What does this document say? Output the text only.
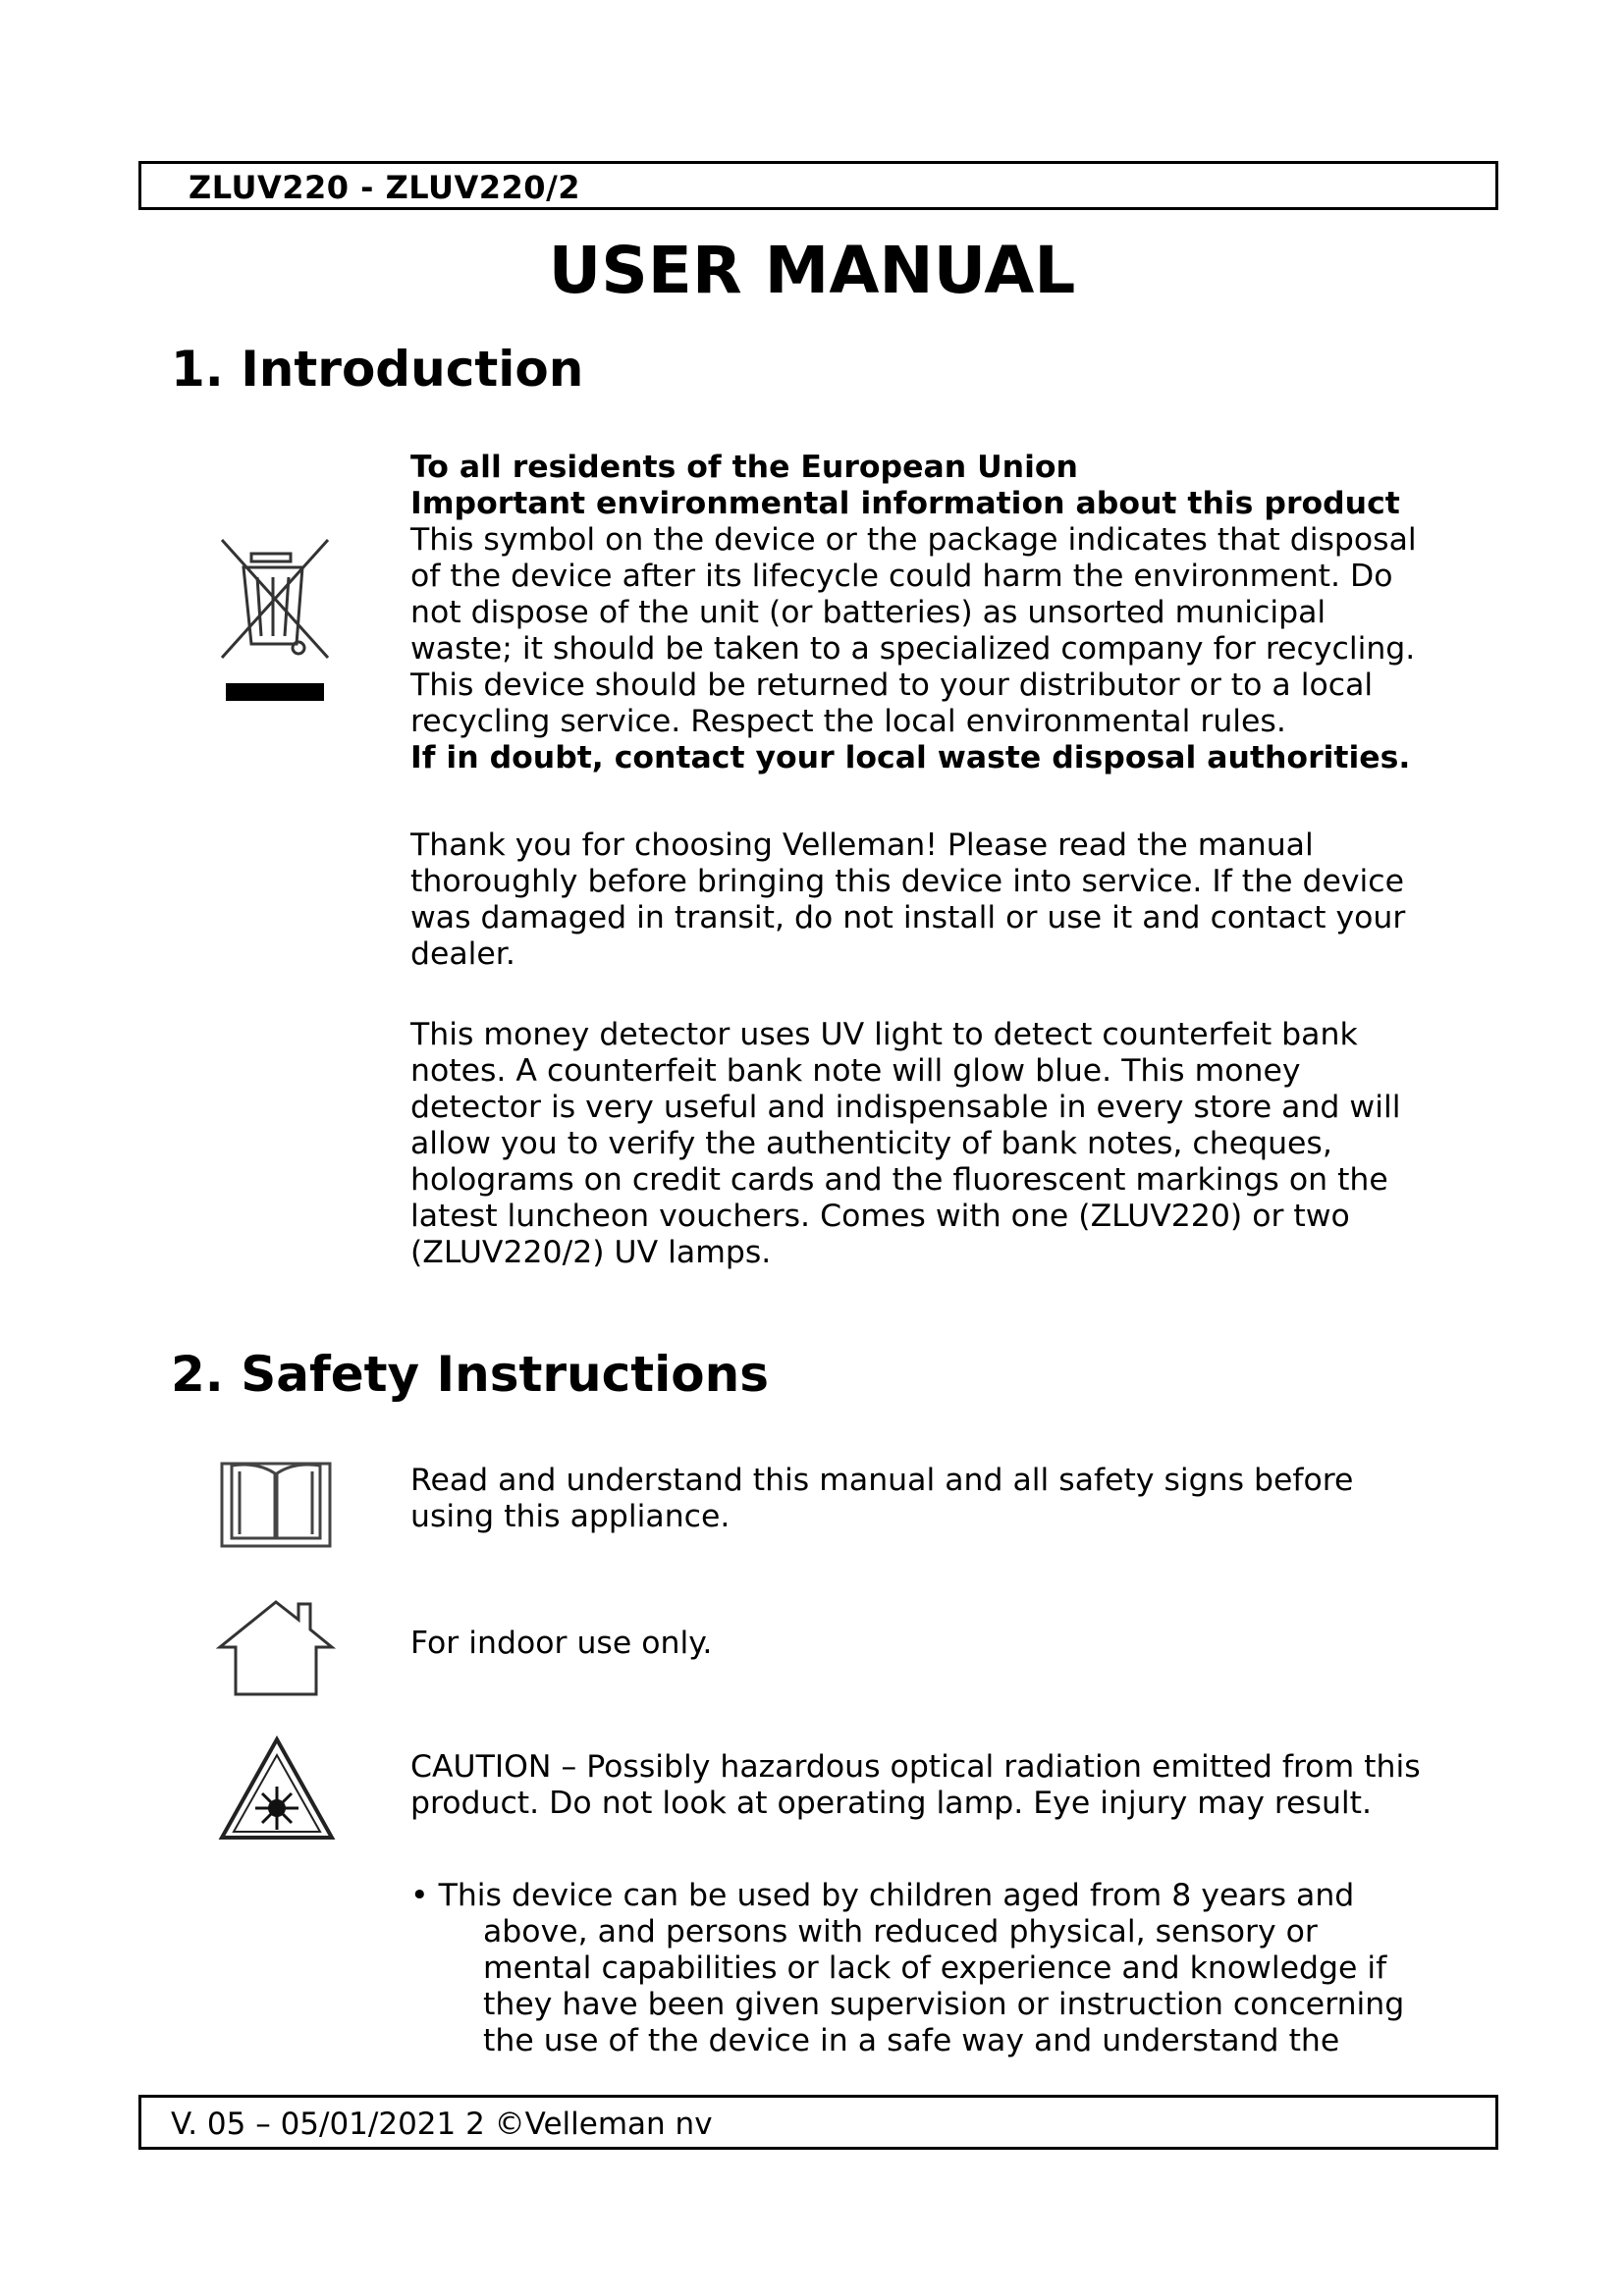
ZLUV220 - ZLUV220/2
USER MANUAL
1. Introduction
To all residents of the European Union
Important environmental information about this product
This symbol on the device or the package indicates that disposal
of the device after its lifecycle could harm the environment. Do
not dispose of the unit (or batteries) as unsorted municipal
waste; it should be taken to a specialized company for recycling.
This device should be returned to your distributor or to a local
recycling service. Respect the local environmental rules.
If in doubt, contact your local waste disposal authorities.
Thank you for choosing Velleman! Please read the manual
thoroughly before bringing this device into service. If the device
was damaged in transit, do not install or use it and contact your
dealer.
This money detector uses UV light to detect counterfeit bank
notes. A counterfeit bank note will glow blue. This money
detector is very useful and indispensable in every store and will
allow you to verify the authenticity of bank notes, cheques,
holograms on credit cards and the fluorescent markings on the
latest luncheon vouchers. Comes with one (ZLUV220) or two
(ZLUV220/2) UV lamps.
2. Safety Instructions
Read and understand this manual and all safety signs before
using this appliance.
For indoor use only.
CAUTION – Possibly hazardous optical radiation emitted from this
product. Do not look at operating lamp. Eye injury may result.
• This device can be used by children aged from 8 years and
above, and persons with reduced physical, sensory or
mental capabilities or lack of experience and knowledge if
they have been given supervision or instruction concerning
the use of the device in a safe way and understand the
V. 05 – 05/01/2021 2 ©Velleman nv
